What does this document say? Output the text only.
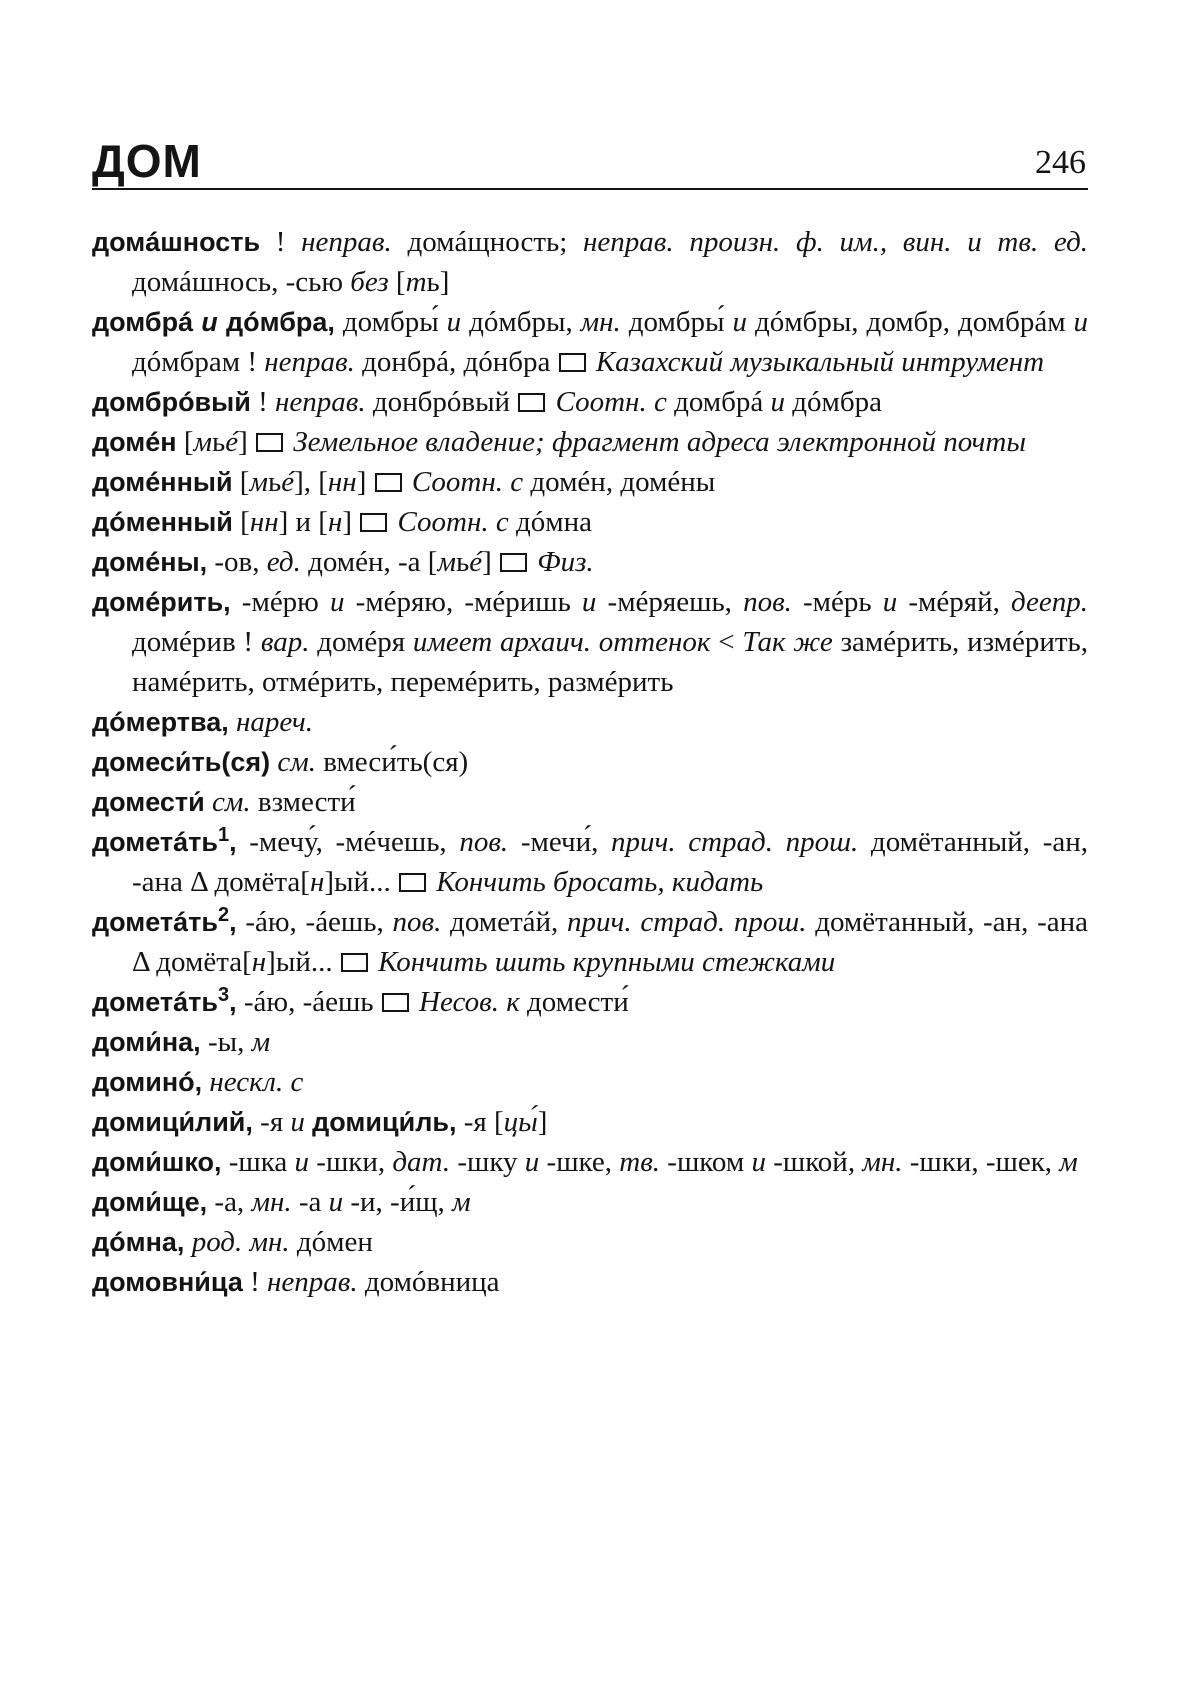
ДОМ	246

домáшность ! неправ. домáщность; неправ. произн. ф. им., вин. и тв. ед. домáшнось, -сью без [ть]

домбрá и дóмбра, домбры́ и дóмбры, мн. домбры́ и дóмбры, домбр, домбрáм и дóмбрам ! неправ. донбрá, дóнбра  Казахский музыкальный интрумент

домбрóвый ! неправ. донбрóвый  Соотн. с домбрá и дóмбра

домéн [мьé]  Земельное владение; фрагмент адреса электронной почты

домéнный [мьé], [нн]  Соотн. с домéн, домéны

дóменный [нн] и [н]  Соотн. с дóмна

домéны, -ов, ед. домéн, -а [мьé]  Физ.

домéрить, -мéрю и -мéряю, -мéришь и -мéряешь, пов. -мéрь и -мéряй, деепр. домéрив ! вар. домéря имеет архаич. оттенок < Так же замéрить, измéрить, намéрить, отмéрить, перемéрить, размéрить

дóмертва, нареч.

домеси́ть(ся) см. вмеси́ть(ся)

домести́ см. взмести́

дометáть$^1$, -мечу́, -мéчешь, пов. -мечи́, прич. страд. прош. домётанный, -ан, -ана Δ домёта[н]ый...  Кончить бросать, кидать

дометáть$^2$, -áю, -áешь, пов. дометáй, прич. страд. прош. домётанный, -ан, -ана Δ домёта[н]ый...  Кончить шить крупными стежками

дометáть$^3$, -áю, -áешь  Несов. к домести́

доми́на, -ы, м

доминó, нескл. с

домици́лий, -я и домици́ль, -я [цы́]

доми́шко, -шка и -шки, дат. -шку и -шке, тв. -шком и -шкой, мн. -шки, -шек, м

доми́ще, -а, мн. -а и -и, -и́щ, м

дóмна, род. мн. дóмен

домовни́ца ! неправ. домóвница
